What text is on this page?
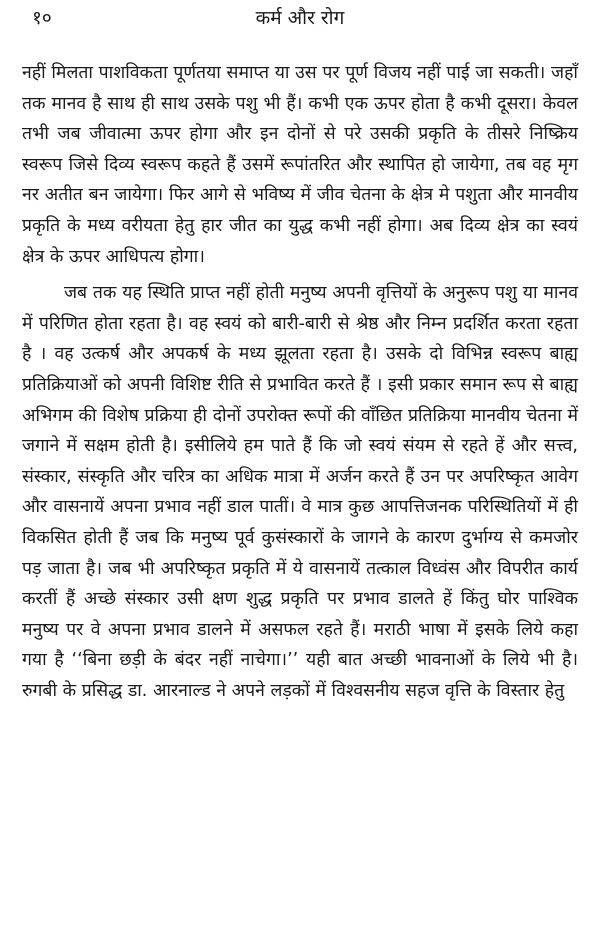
१०	कर्म और रोग

नहीं मिलता पाशविकता पूर्णतया समाप्त या उस पर पूर्ण विजय नहीं पाई जा सकती। जहाँ तक मानव है साथ ही साथ उसके पशु भी हैं। कभी एक ऊपर होता है कभी दूसरा। केवल तभी जब जीवात्मा ऊपर होगा और इन दोनों से परे उसकी प्रकृति के तीसरे निष्क्रिय स्वरूप जिसे दिव्य स्वरूप कहते हैं उसमें रूपांतरित और स्थापित हो जायेगा, तब वह मृग नर अतीत बन जायेगा। फिर आगे से भविष्य में जीव चेतना के क्षेत्र मे पशुता और मानवीय प्रकृति के मध्य वरीयता हेतु हार जीत का युद्ध कभी नहीं होगा। अब दिव्य क्षेत्र का स्वयं क्षेत्र के ऊपर आधिपत्य होगा।

जब तक यह स्थिति प्राप्त नहीं होती मनुष्य अपनी वृत्तियों के अनुरूप पशु या मानव में परिणित होता रहता है। वह स्वयं को बारी-बारी से श्रेष्ठ और निम्न प्रदर्शित करता रहता है । वह उत्कर्ष और अपकर्ष के मध्य झूलता रहता है। उसके दो विभिन्न स्वरूप बाह्य प्रतिक्रियाओं को अपनी विशिष्ट रीति से प्रभावित करते हैं । इसी प्रकार समान रूप से बाह्य अभिगम की विशेष प्रक्रिया ही दोनों उपरोक्त रूपों की वाँछित प्रतिक्रिया मानवीय चेतना में जगाने में सक्षम होती है। इसीलिये हम पाते हैं कि जो स्वयं संयम से रहते हें और सत्त्व, संस्कार, संस्कृति और चरित्र का अधिक मात्रा में अर्जन करते हैं उन पर अपरिष्कृत आवेग और वासनायें अपना प्रभाव नहीं डाल पातीं। वे मात्र कुछ आपत्तिजनक परिस्थितियों में ही विकसित होती हैं जब कि मनुष्य पूर्व कुसंस्कारों के जागने के कारण दुर्भाग्य से कमजोर पड़ जाता है। जब भी अपरिष्कृत प्रकृति में ये वासनायें तत्काल विध्वंस और विपरीत कार्य करतीं हैं अच्छे संस्कार उसी क्षण शुद्ध प्रकृति पर प्रभाव डालते हें किंतु घोर पाश्विक मनुष्य पर वे अपना प्रभाव डालने में असफल रहते हैं। मराठी भाषा में इसके लिये कहा गया है ‘‘बिना छड़ी के बंदर नहीं नाचेगा।’’ यही बात अच्छी भावनाओं के लिये भी है। रुगबी के प्रसिद्ध डा. आरनाल्ड ने अपने लड़कों में विश्वसनीय सहज वृत्ति के विस्तार हेतु
